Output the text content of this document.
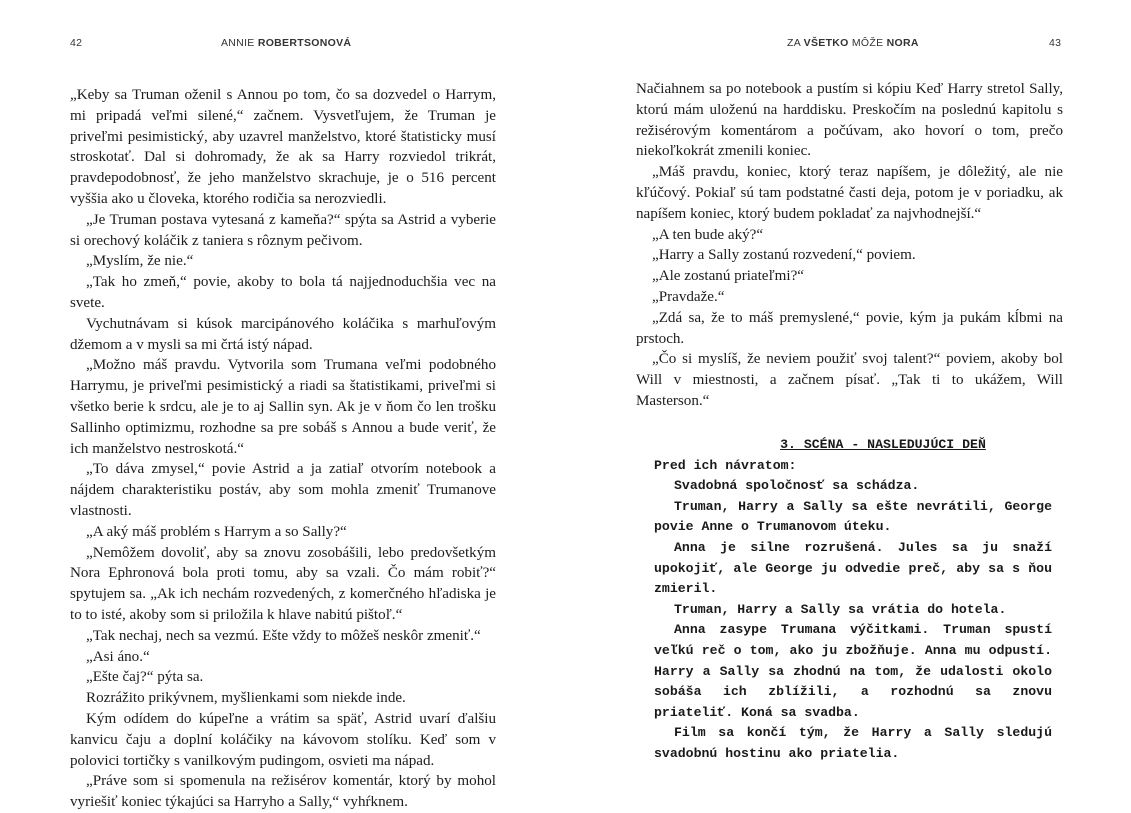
42	ANNIE ROBERTSONOVÁ

„Keby sa Truman oženil s Annou po tom, čo sa dozvedel o Harrym, mi pripadá veľmi silené,“ začnem. Vysvetľujem, že Truman je priveľmi pesimistický, aby uzavrel manželstvo, ktoré štatisticky musí stroskotať. Dal si dohromady, že ak sa Harry rozviedol trikrát, pravdepodobnosť, že jeho manželstvo skrachuje, je o 516 percent vyššia ako u človeka, ktorého rodičia sa nerozviedli.

„Je Truman postava vytesaná z kameňa?“ spýta sa Astrid a vyberie si orechový koláčik z taniera s rôznym pečivom.

„Myslím, že nie.“

„Tak ho zmeň,“ povie, akoby to bola tá najjednoduchšia vec na svete.

Vychutnávam si kúsok marcipánového koláčika s marhuľovým džemom a v mysli sa mi črtá istý nápad.

„Možno máš pravdu. Vytvorila som Trumana veľmi podobného Harrymu, je priveľmi pesimistický a riadi sa štatistikami, priveľmi si všetko berie k srdcu, ale je to aj Sallin syn. Ak je v ňom čo len trošku Sallinho optimizmu, rozhodne sa pre sobáš s Annou a bude veriť, že ich manželstvo nestroskotá.“

„To dáva zmysel,“ povie Astrid a ja zatiaľ otvorím notebook a nájdem charakteristiku postáv, aby som mohla zmeniť Trumanove vlastnosti.

„A aký máš problém s Harrym a so Sally?“

„Nemôžem dovoliť, aby sa znovu zosobášili, lebo predovšetkým Nora Ephronová bola proti tomu, aby sa vzali. Čo mám robiť?“ spytujem sa. „Ak ich nechám rozvedených, z komerčného hľadiska je to to isté, akoby som si priložila k hlave nabitú pištoľ.“

„Tak nechaj, nech sa vezmú. Ešte vždy to môžeš neskôr zmeniť.“

„Asi áno.“

„Ešte čaj?“ pýta sa.

Rozrážito prikývnem, myšlienkami som niekde inde.

Kým odídem do kúpeľne a vrátim sa späť, Astrid uvarí ďalšiu kanvicu čaju a doplní koláčiky na kávovom stolíku. Keď som v polovici tortičky s vanilkovým pudingom, osvieti ma nápad.

„Práve som si spomenula na režisérov komentár, ktorý by mohol vyriešiť koniec týkajúci sa Harryho a Sally,“ vyhŕknem.

ZA VŠETKO MÔŽE NORA	43

Načiahnem sa po notebook a pustím si kópiu Keď Harry stretol Sally, ktorú mám uloženú na harddisku. Preskočím na poslednú kapitolu s režisérovým komentárom a počúvam, ako hovorí o tom, prečo niekoľkokrát zmenili koniec.

„Máš pravdu, koniec, ktorý teraz napíšem, je dôležitý, ale nie kľúčový. Pokiaľ sú tam podstatné časti deja, potom je v poriadku, ak napíšem koniec, ktorý budem pokladať za najvhodnejší.“

„A ten bude aký?“

„Harry a Sally zostanú rozvedení,“ poviem.

„Ale zostanú priateľmi?“

„Pravdaže.“

„Zdá sa, že to máš premyslené,“ povie, kým ja pukám kĺbmi na prstoch.

„Čo si myslíš, že neviem použiť svoj talent?“ poviem, akoby bol Will v miestnosti, a začnem písať. „Tak ti to ukážem, Will Masterson.“

3. SCÉNA - NASLEDUJÚCI DEŇ

Pred ich návratom:

Svadobná spoločnosť sa schádza.

Truman, Harry a Sally sa ešte nevrátili, George povie Anne o Trumanovom úteku.

Anna je silne rozrušená. Jules sa ju snaží upokojiť, ale George ju odvedie preč, aby sa s ňou zmieril.

Truman, Harry a Sally sa vrátia do hotela.

Anna zasype Trumana výčitkami. Truman spustí veľkú reč o tom, ako ju zbožňuje. Anna mu odpustí. Harry a Sally sa zhodnú na tom, že udalosti okolo sobáša ich zblížili, a rozhodnú sa znovu priateliť. Koná sa svadba.

Film sa končí tým, že Harry a Sally sledujú svadobnú hostinu ako priatelia.
